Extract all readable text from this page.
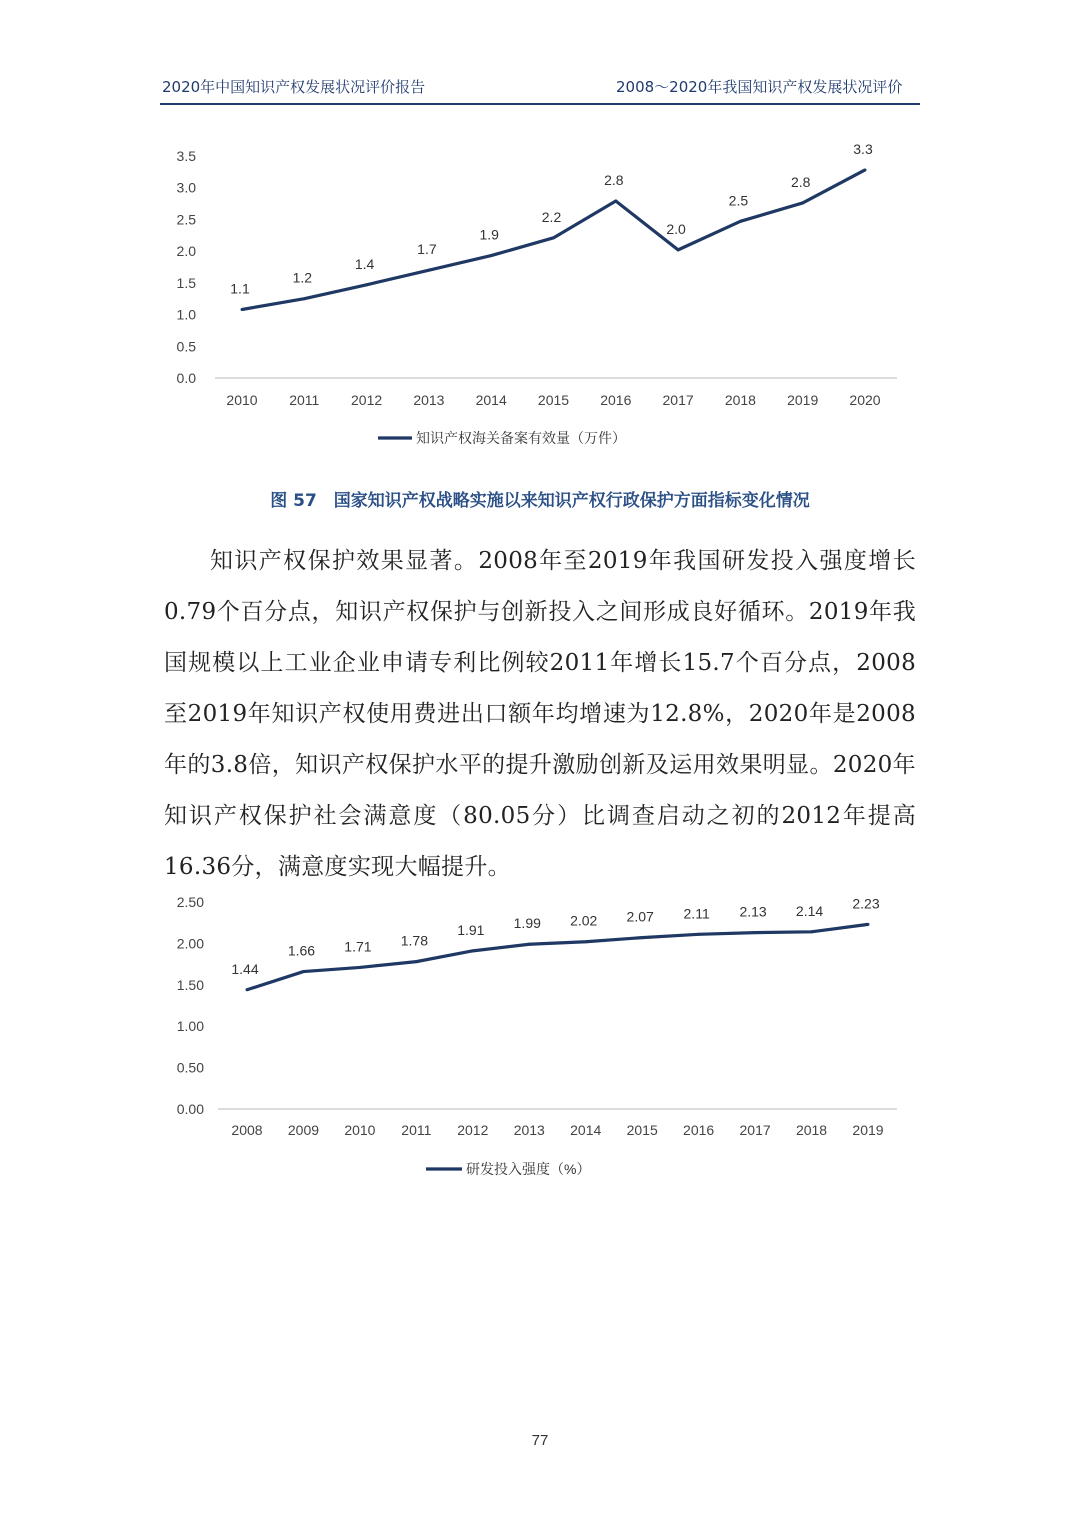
2020年中国知识产权发展状况评价报告	2008～2020年我国知识产权发展状况评价
0.0
0.5
1.0
1.5
2.0
2.5
3.0
3.5
2010 2011 2012 2013 2014 2015 2016 2017 2018 2019 2020
1.1
1.2
1.4
1.7
1.9
2.2
2.8
2.0
2.5
2.8
3.3
知识产权海关备案有效量（万件）
图 57　国家知识产权战略实施以来知识产权行政保护方面指标变化情况

知识产权保护效果显著。2008年至2019年我国研发投入强度增长0.79个百分点，知识产权保护与创新投入之间形成良好循环。2019年我国规模以上工业企业申请专利比例较2011年增长15.7个百分点，2008至2019年知识产权使用费进出口额年均增速为12.8%，2020年是2008年的3.8倍，知识产权保护水平的提升激励创新及运用效果明显。2020年知识产权保护社会满意度（80.05分）比调查启动之初的2012年提高16.36分，满意度实现大幅提升。

0.00
0.50
1.00
1.50
2.00
2.50
2008 2009 2010 2011 2012 2013 2014 2015 2016 2017 2018 2019
1.44
1.66 1.71 1.78
1.91 1.99 2.02 2.07 2.11 2.13 2.14 2.23
研发投入强度（%）
77
